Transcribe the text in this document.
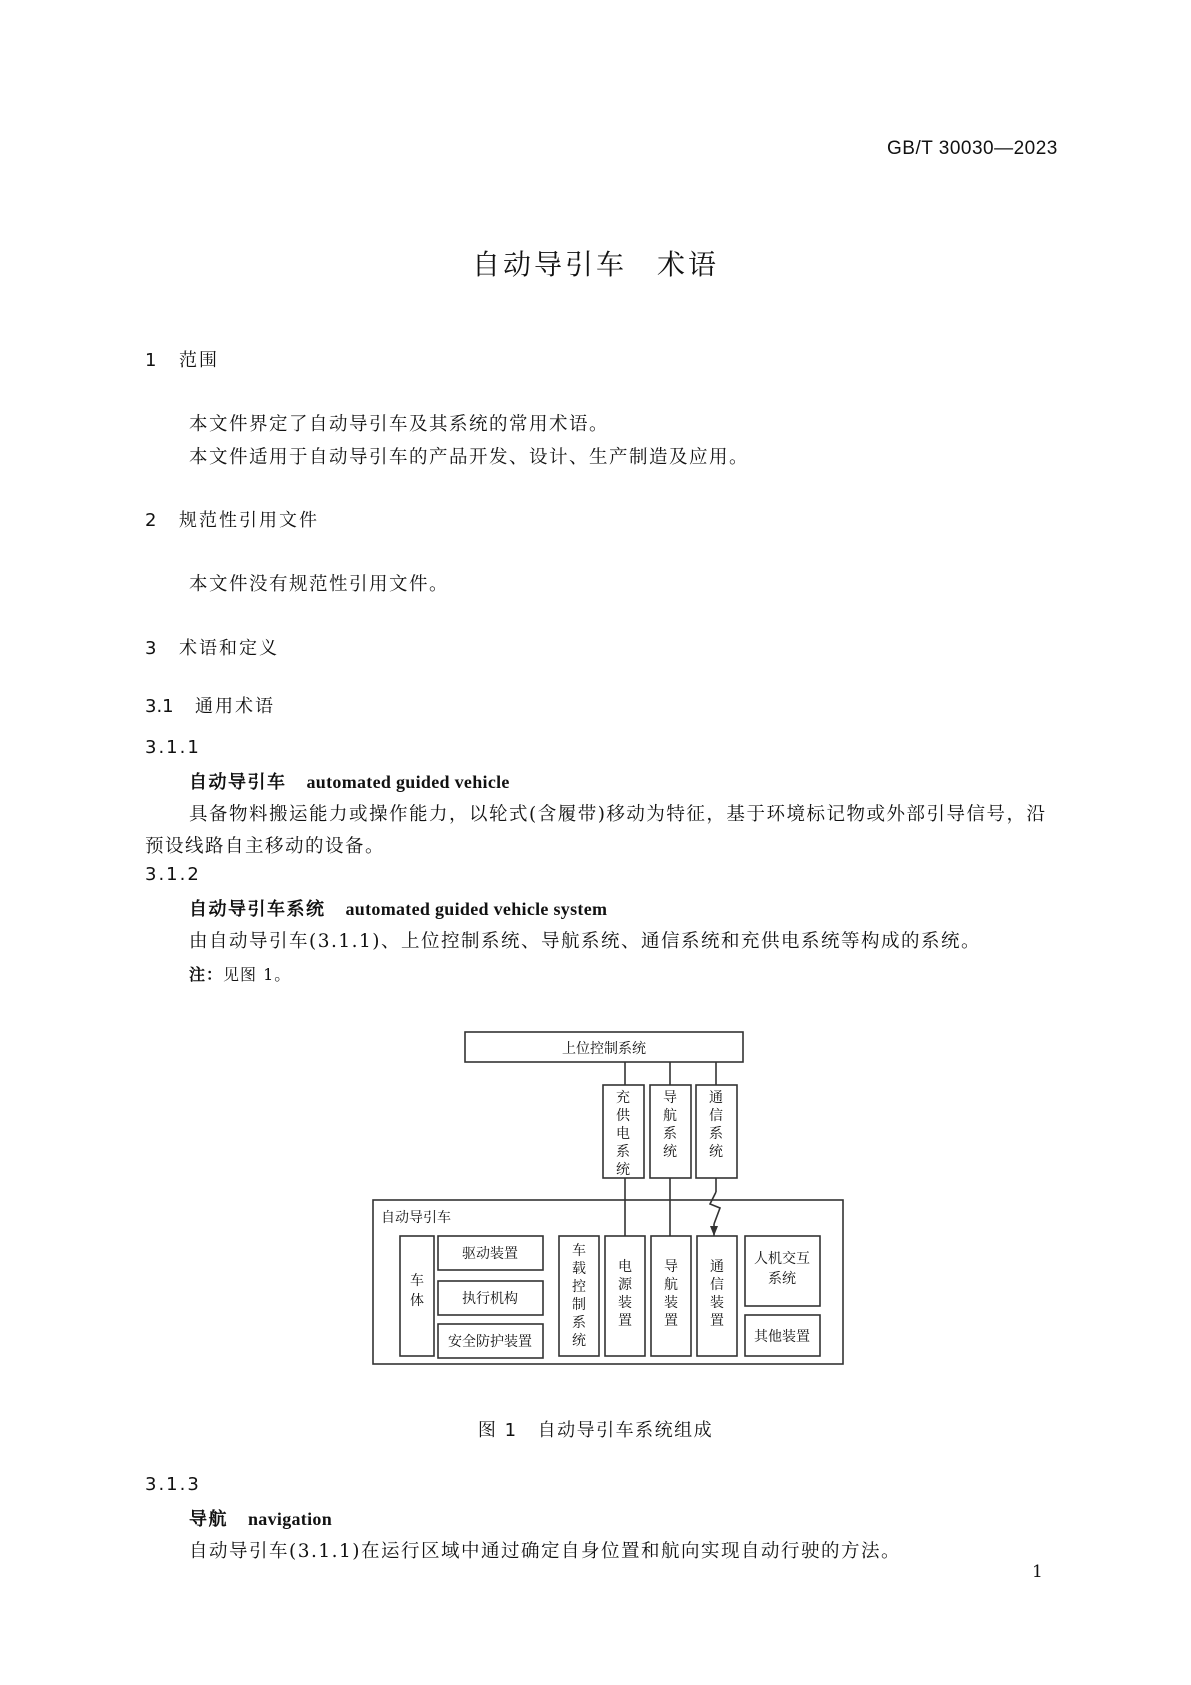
GB/T 30030—2023
自动导引车 术语
1 范围
本文件界定了自动导引车及其系统的常用术语。
本文件适用于自动导引车的产品开发、设计、生产制造及应用。
2 规范性引用文件
本文件没有规范性引用文件。
3 术语和定义
3.1 通用术语
3.1.1
自动导引车 automated guided vehicle
具备物料搬运能力或操作能力，以轮式(含履带)移动为特征，基于环境标记物或外部引导信号，沿
预设线路自主移动的设备。
3.1.2
自动导引车系统 automated guided vehicle system
由自动导引车(3.1.1)、上位控制系统、导航系统、通信系统和充供电系统等构成的系统。
注：见图 1。
上位控制系统
自动导引车
驱动装置
执行机构
安全防护装置
人机交互
系统
其他装置
充供电系统
导航系统
通信系统
车体
车载控制系统
电源装置
导航装置
通信装置
图 1 自动导引车系统组成
3.1.3
导航 navigation
自动导引车(3.1.1)在运行区域中通过确定自身位置和航向实现自动行驶的方法。
1
